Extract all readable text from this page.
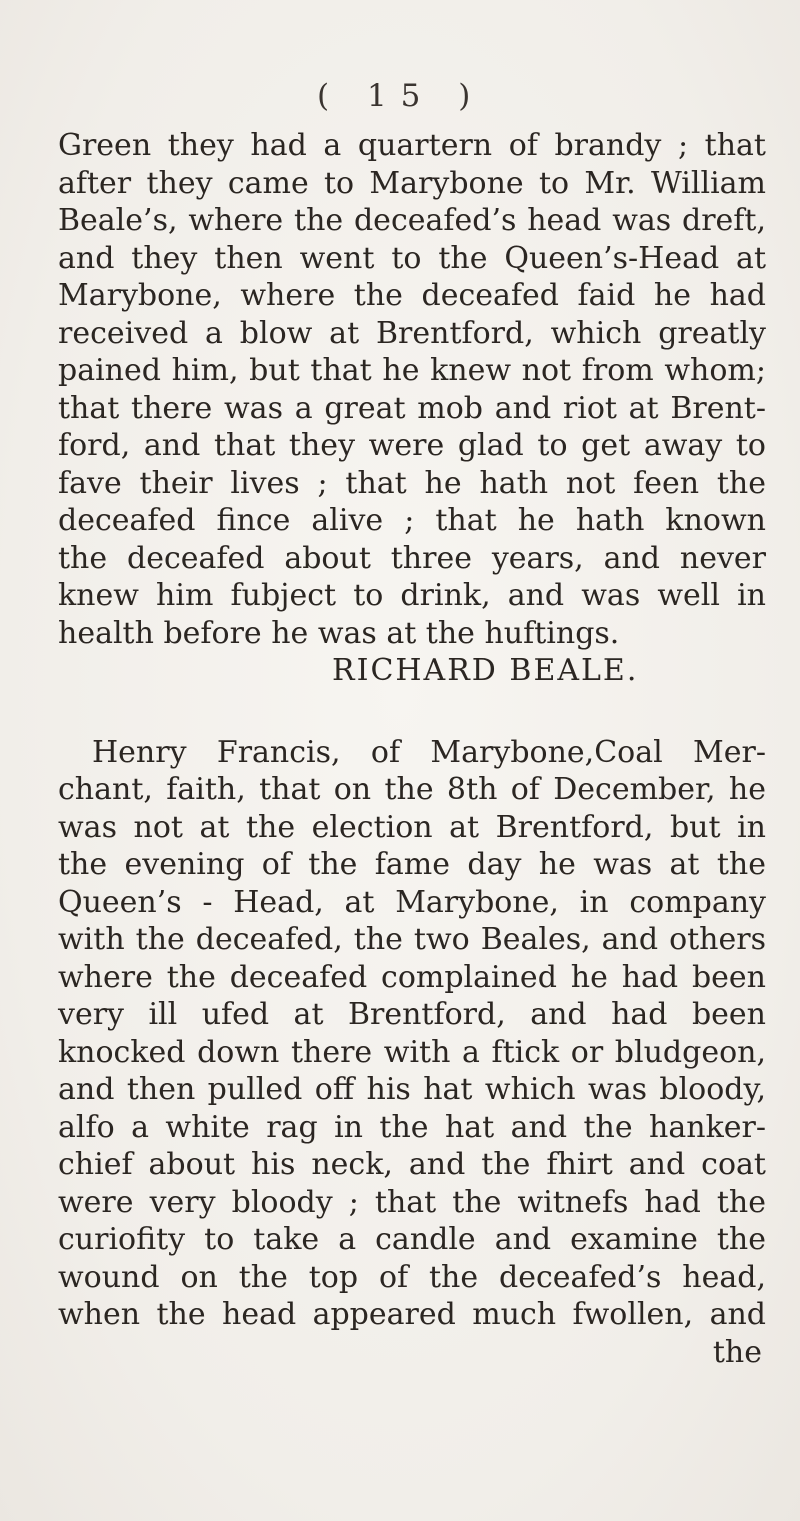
( 15 )
Green they had a quartern of brandy ; that
after they came to Marybone to Mr. William
Beale’s, where the deceafed’s head was dreft,
and they then went to the Queen’s-Head at
Marybone, where the deceafed faid he had
received a blow at Brentford, which greatly
pained him, but that he knew not from whom;
that there was a great mob and riot at Brent-
ford, and that they were glad to get away to
fave their lives ; that he hath not feen the
deceafed fince alive ; that he hath known
the deceafed about three years, and never
knew him fubject to drink, and was well in
health before he was at the huftings.
RICHARD BEALE.
Henry Francis, of Marybone,Coal Mer-
chant, faith, that on the 8th of December, he
was not at the election at Brentford, but in
the evening of the fame day he was at the
Queen’s - Head, at Marybone, in company
with the deceafed, the two Beales, and others
where the deceafed complained he had been
very ill ufed at Brentford, and had been
knocked down there with a ftick or bludgeon,
and then pulled off his hat which was bloody,
alfo a white rag in the hat and the hanker-
chief about his neck, and the fhirt and coat
were very bloody ; that the witnefs had the
curiofity to take a candle and examine the
wound on the top of the deceafed’s head,
when the head appeared much fwollen, and
the
